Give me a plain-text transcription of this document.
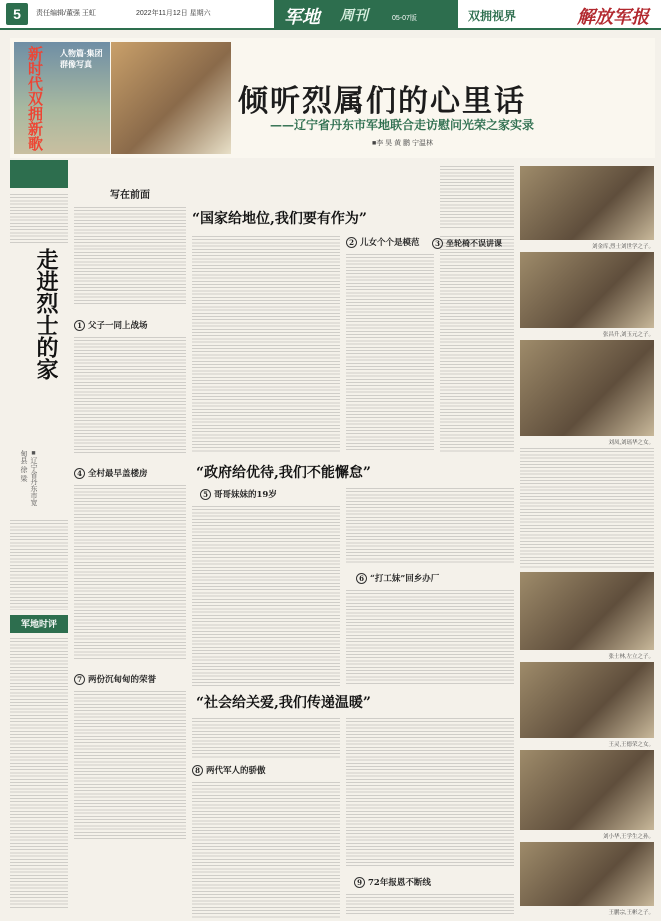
5	责任编辑/董强 王虹	2022年11月12日 星期六	军地 周刊	05-07版	双拥视界	解放军报
新时代双拥新歌 人物篇·集团群像写真
倾听烈属们的心里话
——辽宁省丹东市军地联合走访慰问光荣之家实录
■李 昊 黄 鹏 宁温林
走进烈士的家
■辽宁省丹东市宽甸县 徐 梁
军地时评
写在前面
1 父子一同上战场
4 全村最早盖楼房
7 两份沉甸甸的荣誉
“国家给地位,我们要有作为”
“政府给优待,我们不能懈怠”
“社会给关爱,我们传递温暖”
5 哥哥妹妹的19岁
8 两代军人的骄傲
2 儿女个个是模范
6 “打工妹”回乡办厂
9 72年报恩不断线
3 坐轮椅不误讲课	刘金库,烈士刘世学之子。
张昌升,刘玉元之子。
刘凤,刘瑶华之女。
张士林,左立之子。
王灵,王德荣之女。
刘小华,王学生之孙。
王鹏宗,王彬之子。
